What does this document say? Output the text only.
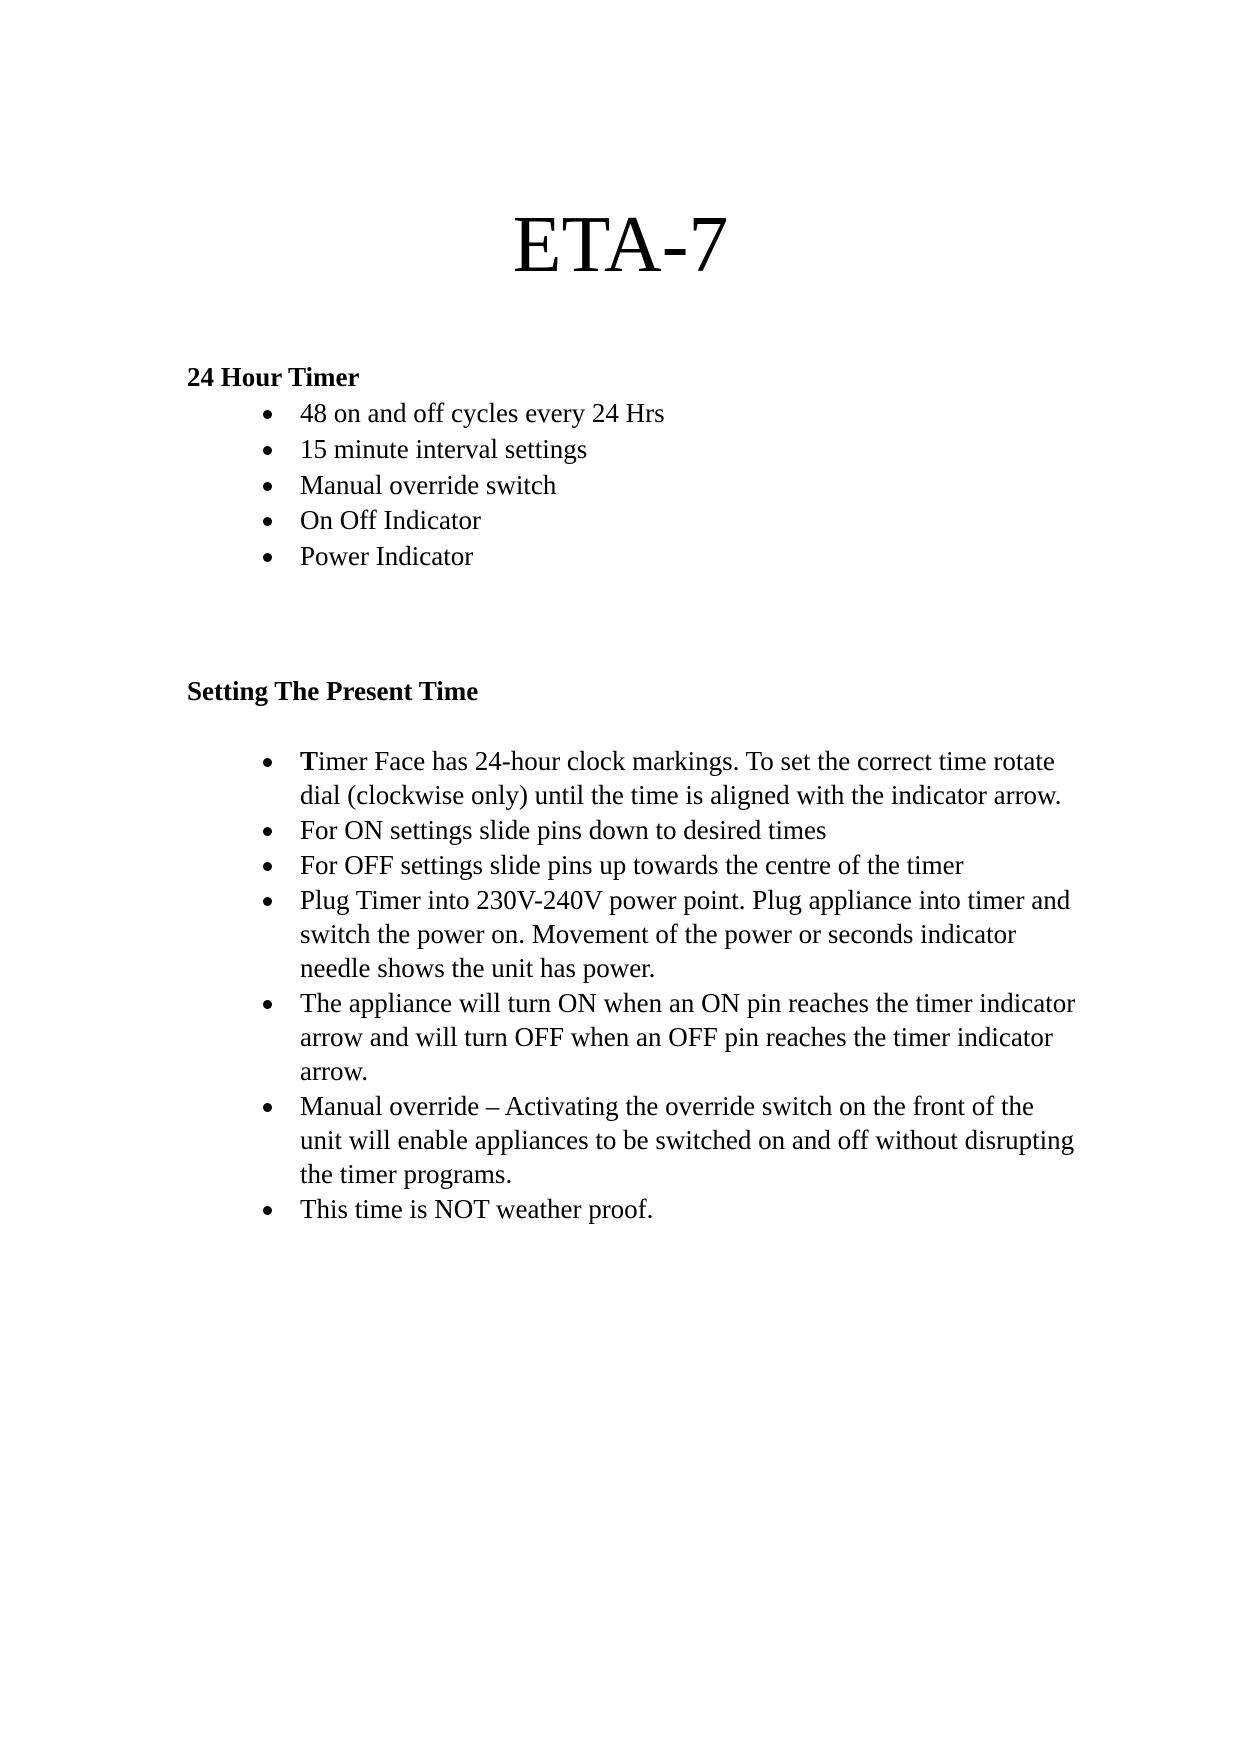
ETA-7
24 Hour Timer
48 on and off cycles every 24 Hrs
15 minute interval settings
Manual override switch
On Off Indicator
Power Indicator
Setting The Present Time
Timer Face has 24-hour clock markings. To set the correct time rotate dial (clockwise only) until the time is aligned with the indicator arrow.
For ON settings slide pins down to desired times
For OFF settings slide pins up towards the centre of the timer
Plug Timer into 230V-240V power point. Plug appliance into timer and switch the power on. Movement of the power or seconds indicator needle shows the unit has power.
The appliance will turn ON when an ON pin reaches the timer indicator arrow and will turn OFF when an OFF pin reaches the timer indicator arrow.
Manual override – Activating the override switch on the front of the unit will enable appliances to be switched on and off without disrupting the timer programs.
This time is NOT weather proof.
